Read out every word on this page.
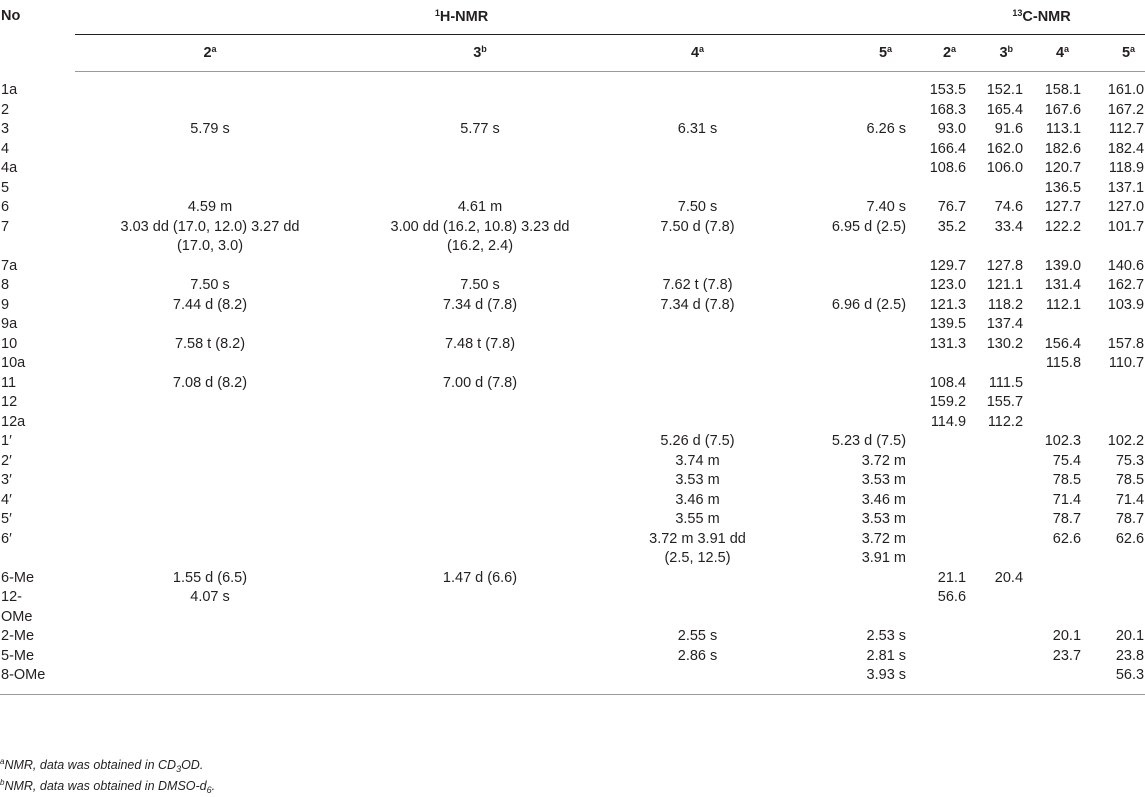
No	$^1$H-NMR				$^{13}$C-NMR			
	2$^a$	3$^b$	4$^a$	5$^a$	2$^a$	3$^b$	4$^a$	5$^a$
1a					153.5	152.1	158.1	161.0
2					168.3	165.4	167.6	167.2
3	5.79 s	5.77 s	6.31 s	6.26 s	93.0	91.6	113.1	112.7
4					166.4	162.0	182.6	182.4
4a					108.6	106.0	120.7	118.9
5							136.5	137.1
6	4.59 m	4.61 m	7.50 s	7.40 s	76.7	74.6	127.7	127.0
7	3.03 dd (17.0, 12.0) 3.27 dd	3.00 dd (16.2, 10.8) 3.23 dd	7.50 d (7.8)	6.95 d (2.5)	35.2	33.4	122.2	101.7
	(17.0, 3.0)	(16.2, 2.4)						
7a					129.7	127.8	139.0	140.6
8	7.50 s	7.50 s	7.62 t (7.8)		123.0	121.1	131.4	162.7
9	7.44 d (8.2)	7.34 d (7.8)	7.34 d (7.8)	6.96 d (2.5)	121.3	118.2	112.1	103.9
9a					139.5	137.4		
10	7.58 t (8.2)	7.48 t (7.8)			131.3	130.2	156.4	157.8
10a							115.8	110.7
11	7.08 d (8.2)	7.00 d (7.8)			108.4	111.5		
12					159.2	155.7		
12a					114.9	112.2		
1′			5.26 d (7.5)	5.23 d (7.5)			102.3	102.2
2′			3.74 m	3.72 m			75.4	75.3
3′			3.53 m	3.53 m			78.5	78.5
4′			3.46 m	3.46 m			71.4	71.4
5′			3.55 m	3.53 m			78.7	78.7
6′			3.72 m 3.91 dd	3.72 m			62.6	62.6
			(2.5, 12.5)	3.91 m				
6-Me	1.55 d (6.5)	1.47 d (6.6)			21.1	20.4		
12-	4.07 s				56.6			
OMe								
2-Me			2.55 s	2.53 s			20.1	20.1
5-Me			2.86 s	2.81 s			23.7	23.8
8-OMe				3.93 s				56.3
$^a$NMR, data was obtained in $CD_3OD$.
$^b$NMR, data was obtained in DMSO-$d_6$.
